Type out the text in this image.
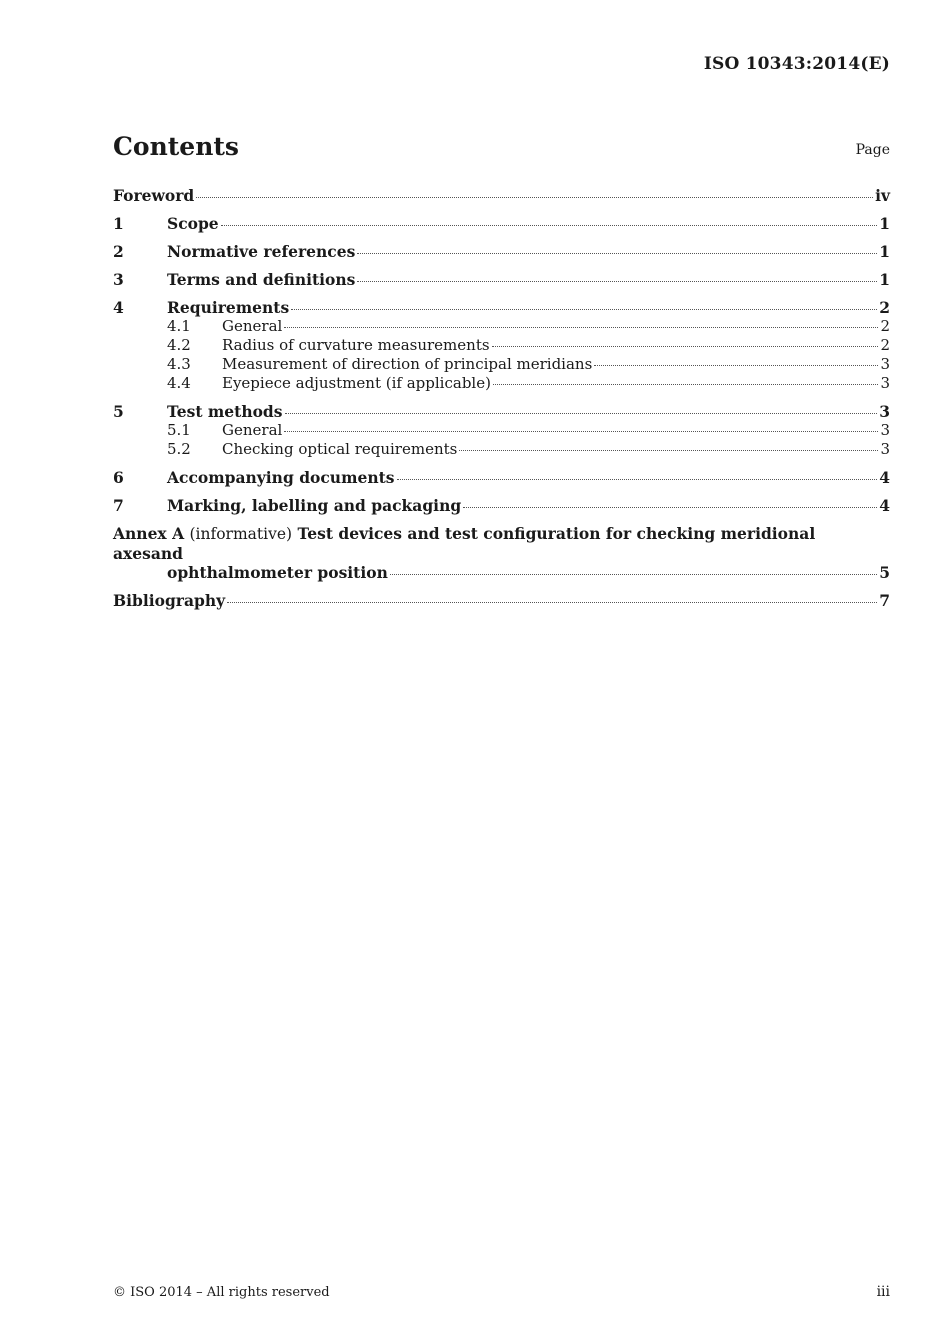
ISO 10343:2014(E)
Contents	Page
Foreword	iv
1	Scope	1
2	Normative references	1
3	Terms and definitions	1
4	Requirements	2
4.1	General	2
4.2	Radius of curvature measurements	2
4.3	Measurement of direction of principal meridians	3
4.4	Eyepiece adjustment (if applicable)	3
5	Test methods	3
5.1	General	3
5.2	Checking optical requirements	3
6	Accompanying documents	4
7	Marking, labelling and packaging	4
Annex A (informative) Test devices and test configuration for checking meridional axesand
ophthalmometer position	5
Bibliography	7
© ISO 2014 – All rights reserved	iii
